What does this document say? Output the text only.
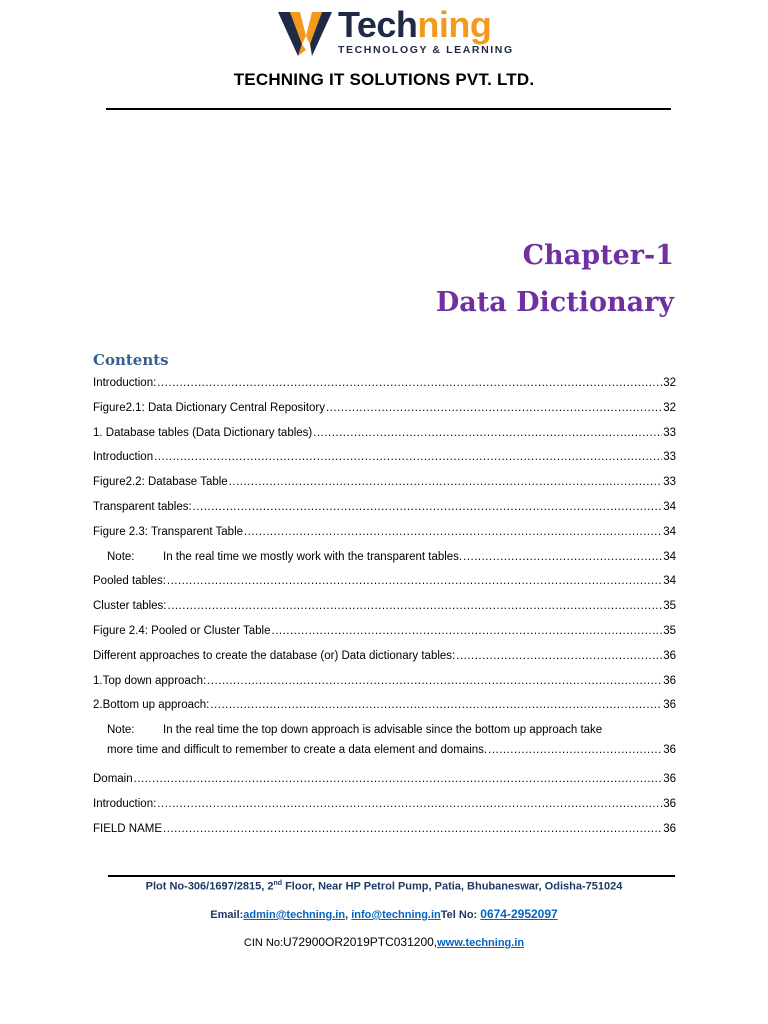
Techning
TECHNOLOGY & LEARNING
TECHNING IT SOLUTIONS PVT. LTD.
Chapter-1
Data Dictionary
Contents
Introduction: .....	32
Figure2.1: Data Dictionary Central Repository .....	32
1. Database tables (Data Dictionary tables) .....	33
Introduction .....	33
Figure2.2: Database Table .....	33
Transparent tables: .....	34
Figure 2.3: Transparent Table .....	34
Note: In the real time we mostly work with the transparent tables. .....	34
Pooled tables: .....	34
Cluster tables: .....	35
Figure 2.4: Pooled or Cluster Table .....	35
Different approaches to create the database (or) Data dictionary tables: .....	36
1.Top down approach: .....	36
2.Bottom up approach: .....	36
Note: In the real time the top down approach is advisable since the bottom up approach take
more time and difficult to remember to create a data element and domains. .....	36
Domain .....	36
Introduction: .....	36
FIELD NAME .....	36
Plot No-306/1697/2815, 2nd Floor, Near HP Petrol Pump, Patia, Bhubaneswar, Odisha-751024
Email:admin@techning.in, info@techning.inTel No: 0674-2952097
CIN No:U72900OR2019PTC031200,www.techning.in
